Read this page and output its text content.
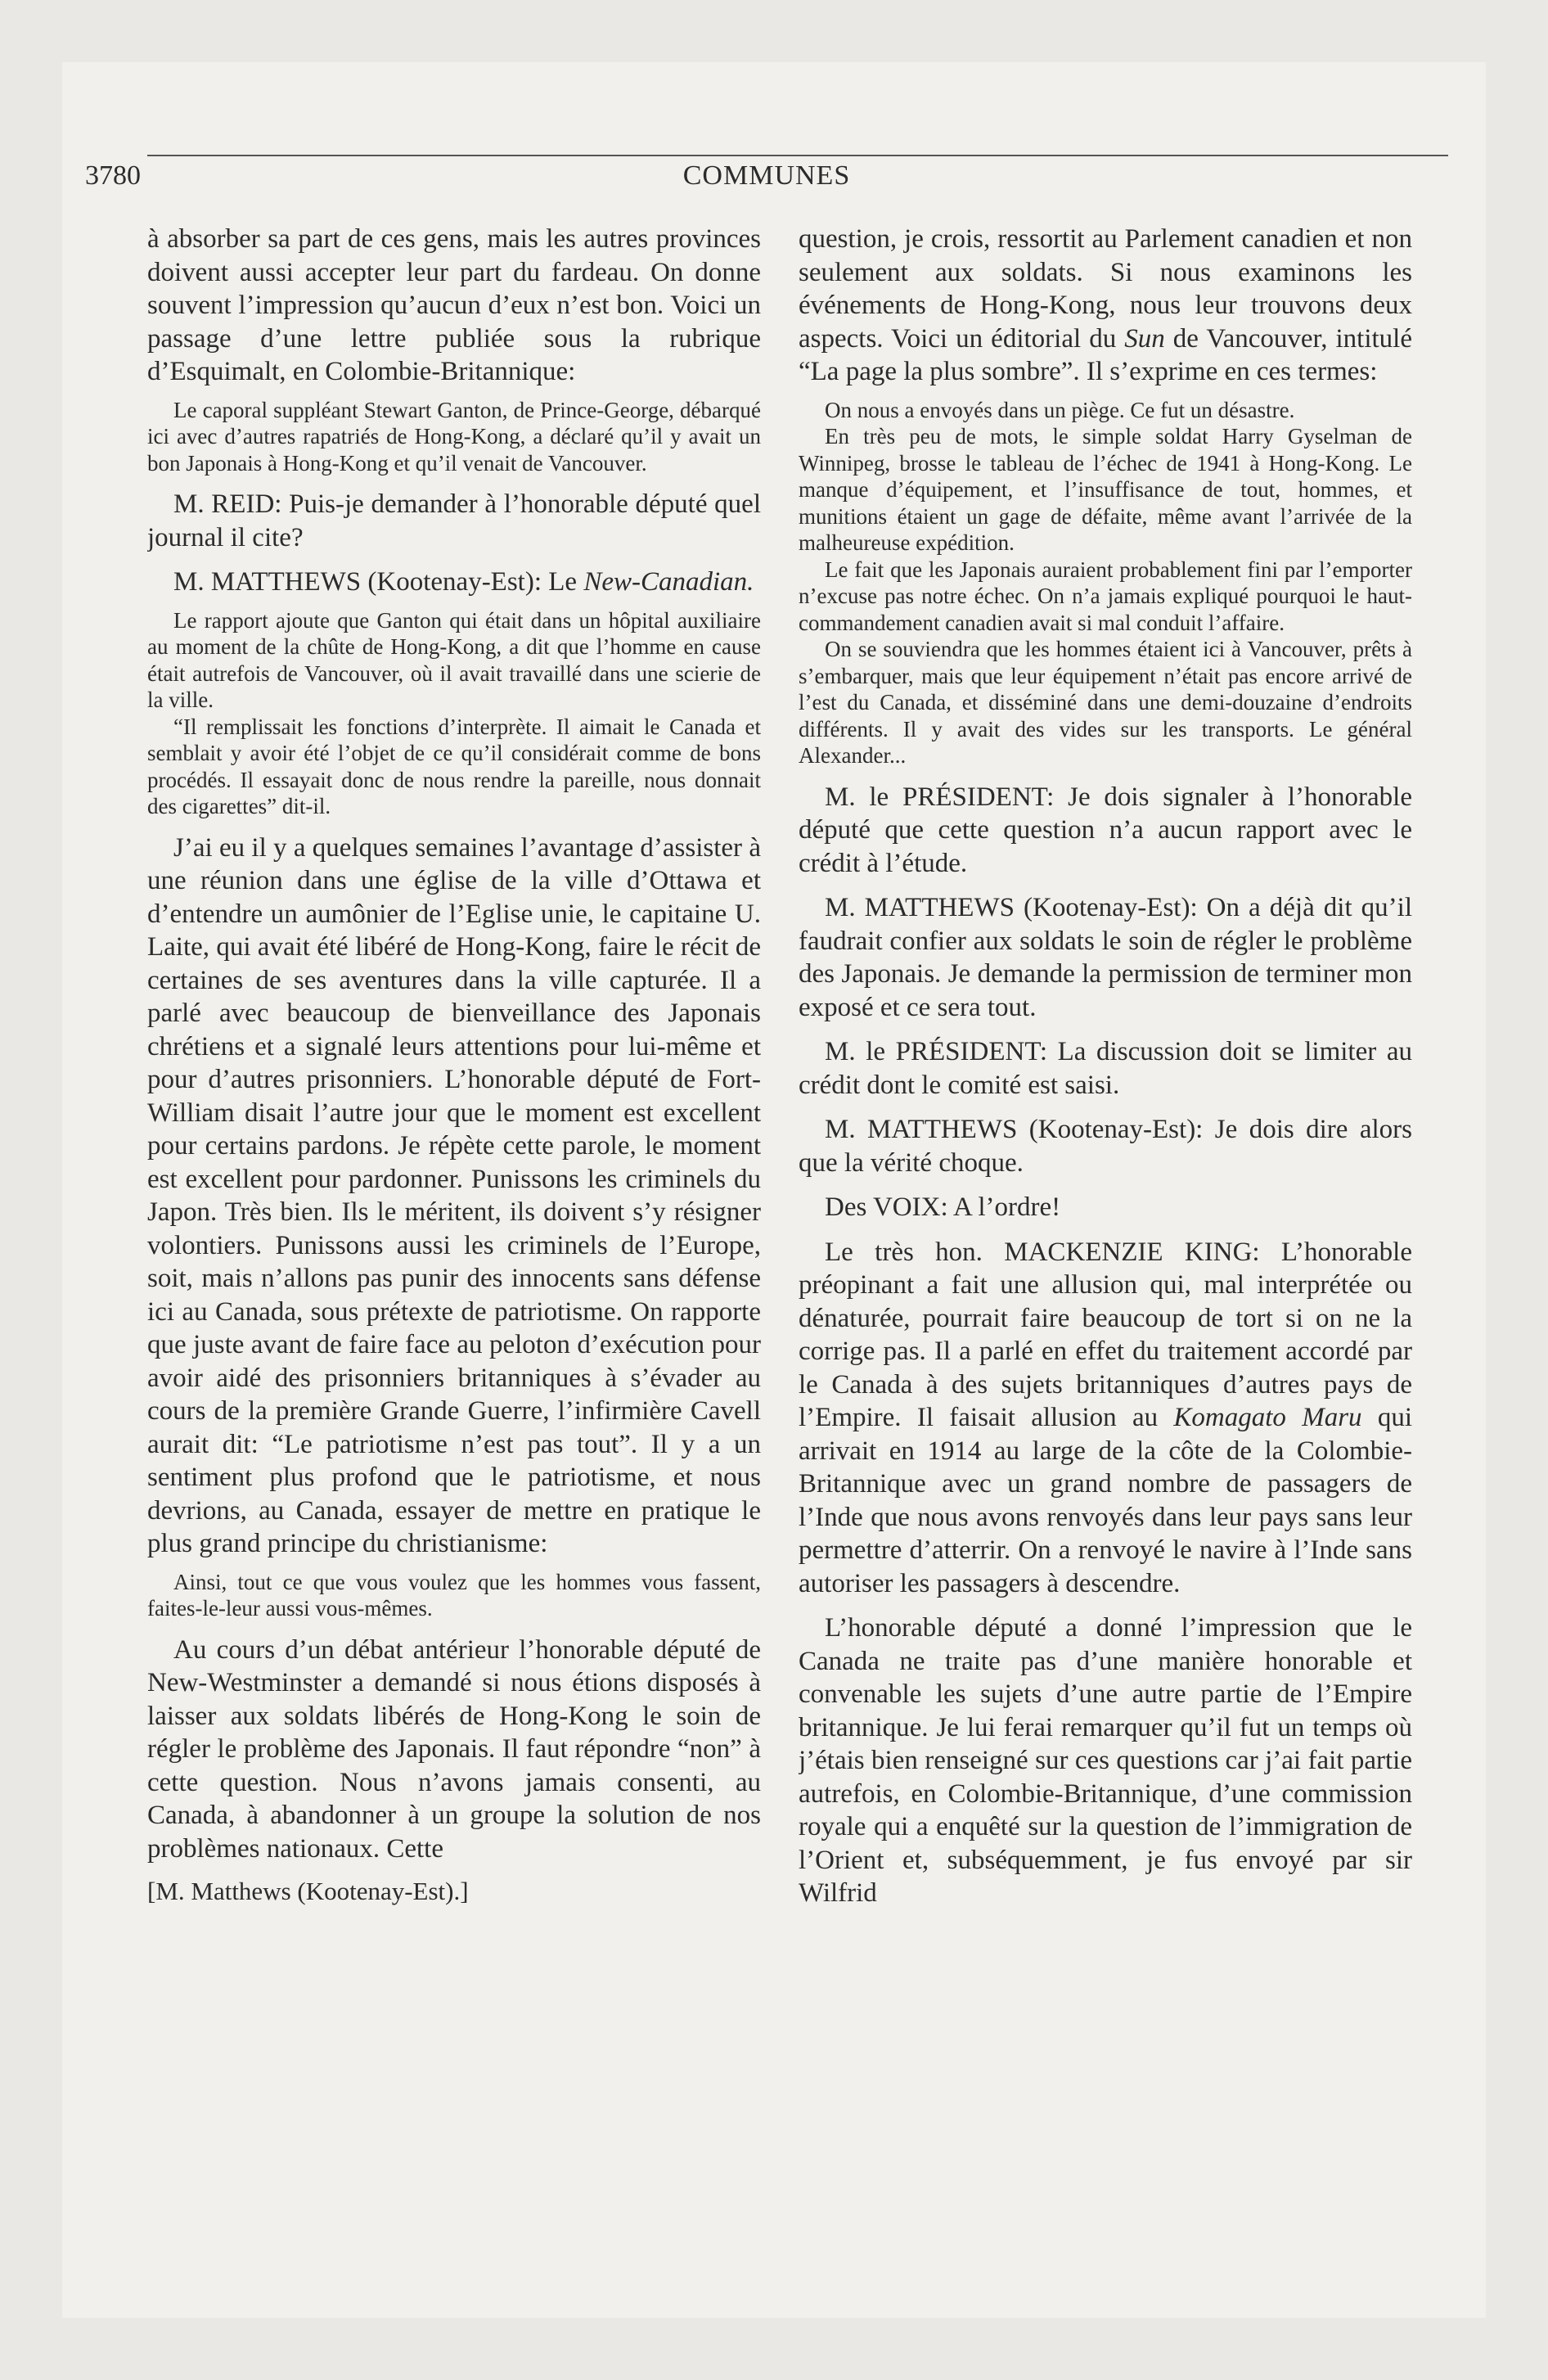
3780	COMMUNES

à absorber sa part de ces gens, mais les autres provinces doivent aussi accepter leur part du fardeau. On donne souvent l’impression qu’aucun d’eux n’est bon. Voici un passage d’une lettre publiée sous la rubrique d’Esquimalt, en Colombie-Britannique:

Le caporal suppléant Stewart Ganton, de Prince-George, débarqué ici avec d’autres rapatriés de Hong-Kong, a déclaré qu’il y avait un bon Japonais à Hong-Kong et qu’il venait de Vancouver.

M. REID: Puis-je demander à l’honorable député quel journal il cite?

M. MATTHEWS (Kootenay-Est): Le New-Canadian.

Le rapport ajoute que Ganton qui était dans un hôpital auxiliaire au moment de la chûte de Hong-Kong, a dit que l’homme en cause était autrefois de Vancouver, où il avait travaillé dans une scierie de la ville.

“Il remplissait les fonctions d’interprète. Il aimait le Canada et semblait y avoir été l’objet de ce qu’il considérait comme de bons procédés. Il essayait donc de nous rendre la pareille, nous donnait des cigarettes” dit-il.

J’ai eu il y a quelques semaines l’avantage d’assister à une réunion dans une église de la ville d’Ottawa et d’entendre un aumônier de l’Eglise unie, le capitaine U. Laite, qui avait été libéré de Hong-Kong, faire le récit de certaines de ses aventures dans la ville capturée. Il a parlé avec beaucoup de bienveillance des Japonais chrétiens et a signalé leurs attentions pour lui-même et pour d’autres prisonniers. L’honorable député de Fort-William disait l’autre jour que le moment est excellent pour certains pardons. Je répète cette parole, le moment est excellent pour pardonner. Punissons les criminels du Japon. Très bien. Ils le méritent, ils doivent s’y résigner volontiers. Punissons aussi les criminels de l’Europe, soit, mais n’allons pas punir des innocents sans défense ici au Canada, sous prétexte de patriotisme. On rapporte que juste avant de faire face au peloton d’exécution pour avoir aidé des prisonniers britanniques à s’évader au cours de la première Grande Guerre, l’infirmière Cavell aurait dit: “Le patriotisme n’est pas tout”. Il y a un sentiment plus profond que le patriotisme, et nous devrions, au Canada, essayer de mettre en pratique le plus grand principe du christianisme:

Ainsi, tout ce que vous voulez que les hommes vous fassent, faites-le-leur aussi vous-mêmes.

Au cours d’un débat antérieur l’honorable député de New-Westminster a demandé si nous étions disposés à laisser aux soldats libérés de Hong-Kong le soin de régler le problème des Japonais. Il faut répondre “non” à cette question. Nous n’avons jamais consenti, au Canada, à abandonner à un groupe la solution de nos problèmes nationaux. Cette

[M. Matthews (Kootenay-Est).]

question, je crois, ressortit au Parlement canadien et non seulement aux soldats. Si nous examinons les événements de Hong-Kong, nous leur trouvons deux aspects. Voici un éditorial du Sun de Vancouver, intitulé “La page la plus sombre”. Il s’exprime en ces termes:

On nous a envoyés dans un piège. Ce fut un désastre.

En très peu de mots, le simple soldat Harry Gyselman de Winnipeg, brosse le tableau de l’échec de 1941 à Hong-Kong. Le manque d’équipement, et l’insuffisance de tout, hommes, et munitions étaient un gage de défaite, même avant l’arrivée de la malheureuse expédition.

Le fait que les Japonais auraient probablement fini par l’emporter n’excuse pas notre échec. On n’a jamais expliqué pourquoi le haut-commandement canadien avait si mal conduit l’affaire.

On se souviendra que les hommes étaient ici à Vancouver, prêts à s’embarquer, mais que leur équipement n’était pas encore arrivé de l’est du Canada, et disséminé dans une demi-douzaine d’endroits différents. Il y avait des vides sur les transports. Le général Alexander...

M. le PRÉSIDENT: Je dois signaler à l’honorable député que cette question n’a aucun rapport avec le crédit à l’étude.

M. MATTHEWS (Kootenay-Est): On a déjà dit qu’il faudrait confier aux soldats le soin de régler le problème des Japonais. Je demande la permission de terminer mon exposé et ce sera tout.

M. le PRÉSIDENT: La discussion doit se limiter au crédit dont le comité est saisi.

M. MATTHEWS (Kootenay-Est): Je dois dire alors que la vérité choque.

Des VOIX: A l’ordre!

Le très hon. MACKENZIE KING: L’honorable préopinant a fait une allusion qui, mal interprétée ou dénaturée, pourrait faire beaucoup de tort si on ne la corrige pas. Il a parlé en effet du traitement accordé par le Canada à des sujets britanniques d’autres pays de l’Empire. Il faisait allusion au Komagato Maru qui arrivait en 1914 au large de la côte de la Colombie-Britannique avec un grand nombre de passagers de l’Inde que nous avons renvoyés dans leur pays sans leur permettre d’atterrir. On a renvoyé le navire à l’Inde sans autoriser les passagers à descendre.

L’honorable député a donné l’impression que le Canada ne traite pas d’une manière honorable et convenable les sujets d’une autre partie de l’Empire britannique. Je lui ferai remarquer qu’il fut un temps où j’étais bien renseigné sur ces questions car j’ai fait partie autrefois, en Colombie-Britannique, d’une commission royale qui a enquêté sur la question de l’immigration de l’Orient et, subséquemment, je fus envoyé par sir Wilfrid
